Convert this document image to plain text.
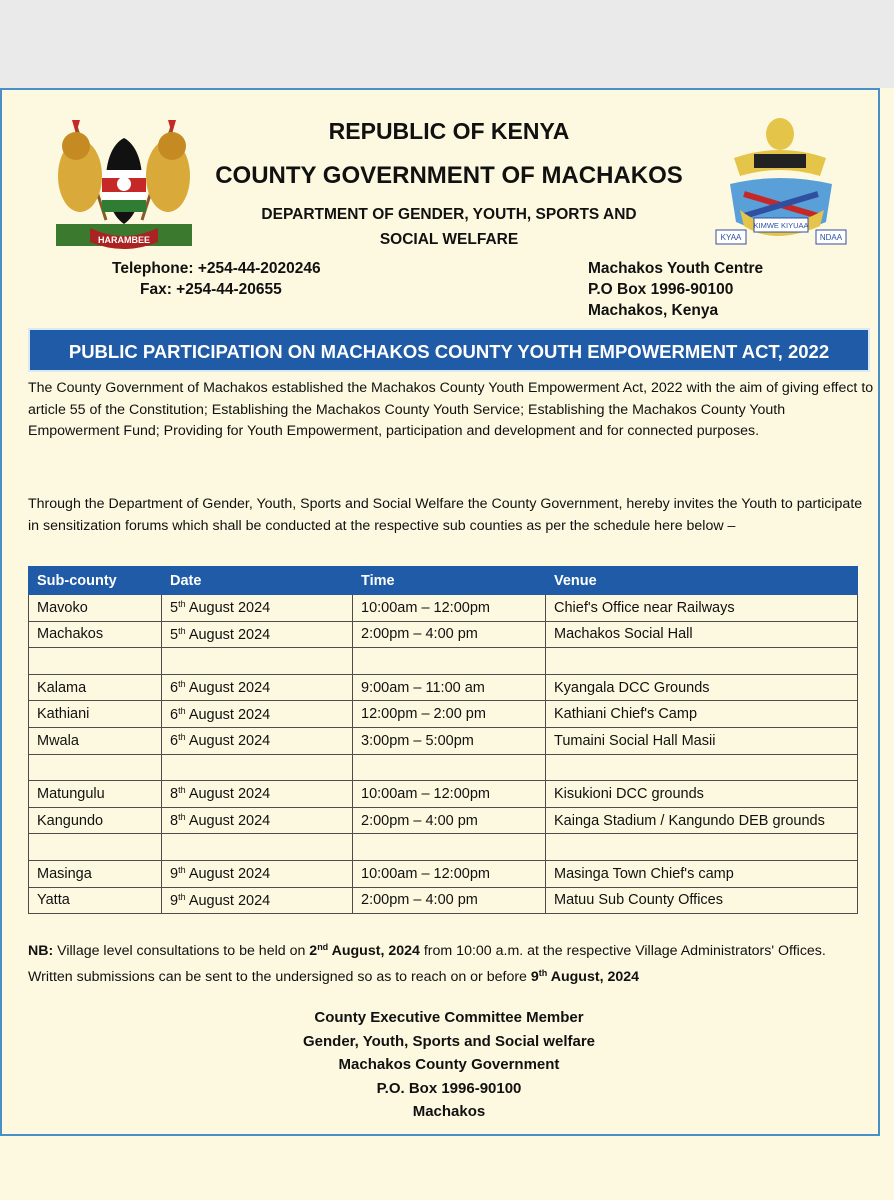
HARAMBEE	KYAA
KIMWE KIYUAA
NDAA
REPUBLIC OF KENYA
COUNTY GOVERNMENT OF MACHAKOS
DEPARTMENT OF GENDER, YOUTH, SPORTS AND
SOCIAL WELFARE
Telephone: +254-44-2020246
Fax: +254-44-20655
Machakos Youth Centre
P.O Box 1996-90100
Machakos, Kenya
PUBLIC PARTICIPATION ON MACHAKOS COUNTY YOUTH EMPOWERMENT ACT, 2022
The County Government of Machakos established the Machakos County Youth Empowerment Act, 2022 with the aim of giving effect to article 55 of the Constitution; Establishing the Machakos County Youth Service; Establishing the Machakos County Youth Empowerment Fund; Providing for Youth Empowerment, participation and development and for connected purposes.
Through the Department of Gender, Youth, Sports and Social Welfare the County Government, hereby invites the Youth to participate in sensitization forums which shall be conducted at the respective sub counties as per the schedule here below –
Sub-county	Date	Time	Venue
Mavoko	5th August 2024	10:00am – 12:00pm	Chief's Office near Railways
Machakos	5th August 2024	2:00pm – 4:00 pm	Machakos Social Hall

Kalama	6th August 2024	9:00am – 11:00 am	Kyangala DCC Grounds
Kathiani	6th August 2024	12:00pm – 2:00 pm	Kathiani Chief's Camp
Mwala	6th August 2024	3:00pm – 5:00pm	Tumaini Social Hall Masii

Matungulu	8th August 2024	10:00am – 12:00pm	Kisukioni DCC grounds
Kangundo	8th August 2024	2:00pm – 4:00 pm	Kainga Stadium / Kangundo DEB grounds

Masinga	9th August 2024	10:00am – 12:00pm	Masinga Town Chief's camp
Yatta	9th August 2024	2:00pm – 4:00 pm	Matuu Sub County Offices
NB: Village level consultations to be held on 2nd August, 2024 from 10:00 a.m. at the respective Village Administrators' Offices. Written submissions can be sent to the undersigned so as to reach on or before 9th August, 2024
County Executive Committee Member
Gender, Youth, Sports and Social welfare
Machakos County Government
P.O. Box 1996-90100
Machakos
